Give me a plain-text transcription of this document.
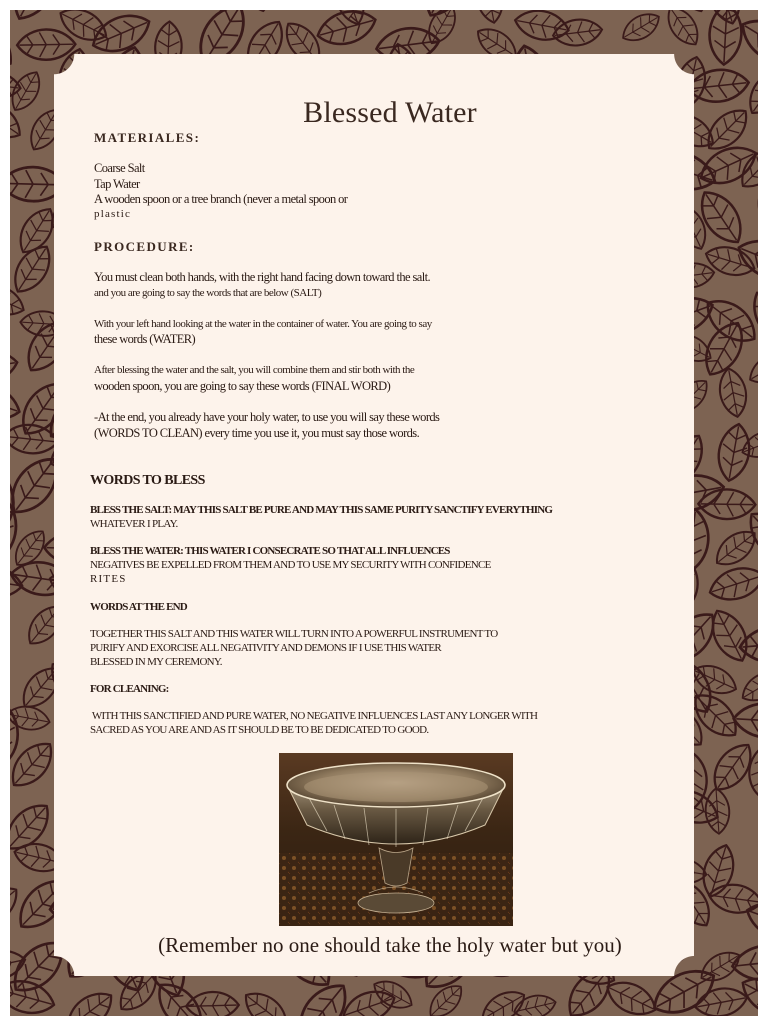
Blessed Water
MATERIALES:
Coarse Salt
Tap Water
A wooden spoon or a tree branch (never a metal spoon or
plastic
PROCEDURE:
You must clean both hands, with the right hand facing down toward the salt.
and you are going to say the words that are below (SALT)
With your left hand looking at the water in the container of water. You are going to say
these words (WATER)
After blessing the water and the salt, you will combine them and stir both with the
wooden spoon, you are going to say these words (FINAL WORD)
-At the end, you already have your holy water, to use you will say these words
(WORDS TO CLEAN) every time you use it, you must say those words.
WORDS TO BLESS
BLESS THE SALT: MAY THIS SALT BE PURE AND MAY THIS SAME PURITY SANCTIFY EVERYTHING
WHATEVER I PLAY.
BLESS THE WATER: THIS WATER I CONSECRATE SO THAT ALL INFLUENCES
NEGATIVES BE EXPELLED FROM THEM AND TO USE MY SECURITY WITH CONFIDENCE
RITES
WORDS AT THE END
TOGETHER THIS SALT AND THIS WATER WILL TURN INTO A POWERFUL INSTRUMENT TO
PURIFY AND EXORCISE ALL NEGATIVITY AND DEMONS IF I USE THIS WATER
BLESSED IN MY CEREMONY.
FOR CLEANING:
WITH THIS SANCTIFIED AND PURE WATER, NO NEGATIVE INFLUENCES LAST ANY LONGER WITH
SACRED AS YOU ARE AND AS IT SHOULD BE TO BE DEDICATED TO GOOD.
(Remember no one should take the holy water but you)
